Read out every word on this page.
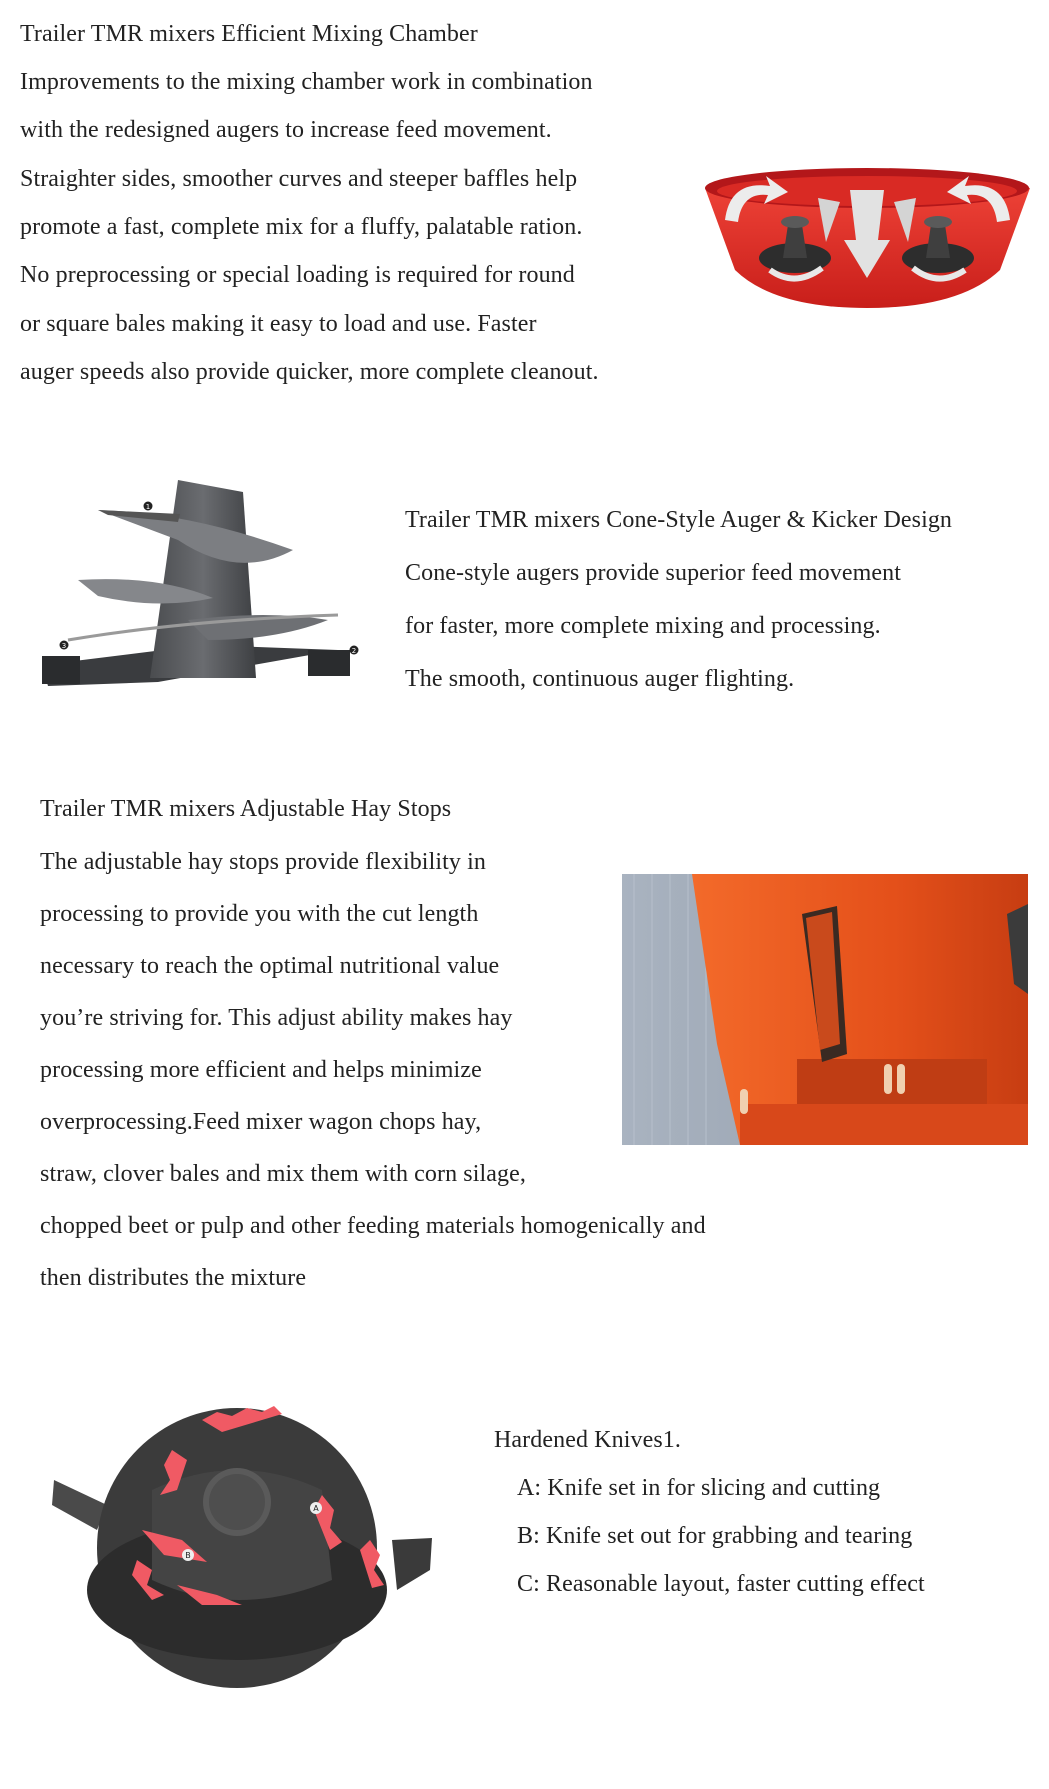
Trailer TMR mixers Efficient Mixing Chamber
Improvements to the mixing chamber work in combination
with the redesigned augers to increase feed movement.
Straighter sides, smoother curves and steeper baffles help
promote a fast, complete mix for a fluffy, palatable ration.
No preprocessing or special loading is required for round
or square bales making it easy to load and use. Faster
auger speeds also provide quicker, more complete cleanout.
1
2
3
Trailer TMR mixers Cone-Style Auger & Kicker Design
Cone-style augers provide superior feed movement
for faster, more complete mixing and processing.
The smooth, continuous auger flighting.
Trailer TMR mixers Adjustable Hay Stops
The adjustable hay stops provide flexibility in
processing to provide you with the cut length
necessary to reach the optimal nutritional value
you’re striving for. This adjust ability makes hay
processing more efficient and helps minimize
overprocessing.Feed mixer wagon chops hay,
straw, clover bales and mix them with corn silage,
chopped beet or pulp and other feeding materials homogenically and
then distributes the mixture
A
B
Hardened Knives1.
A: Knife set in for slicing and cutting
B: Knife set out for grabbing and tearing
C: Reasonable layout, faster cutting effect
